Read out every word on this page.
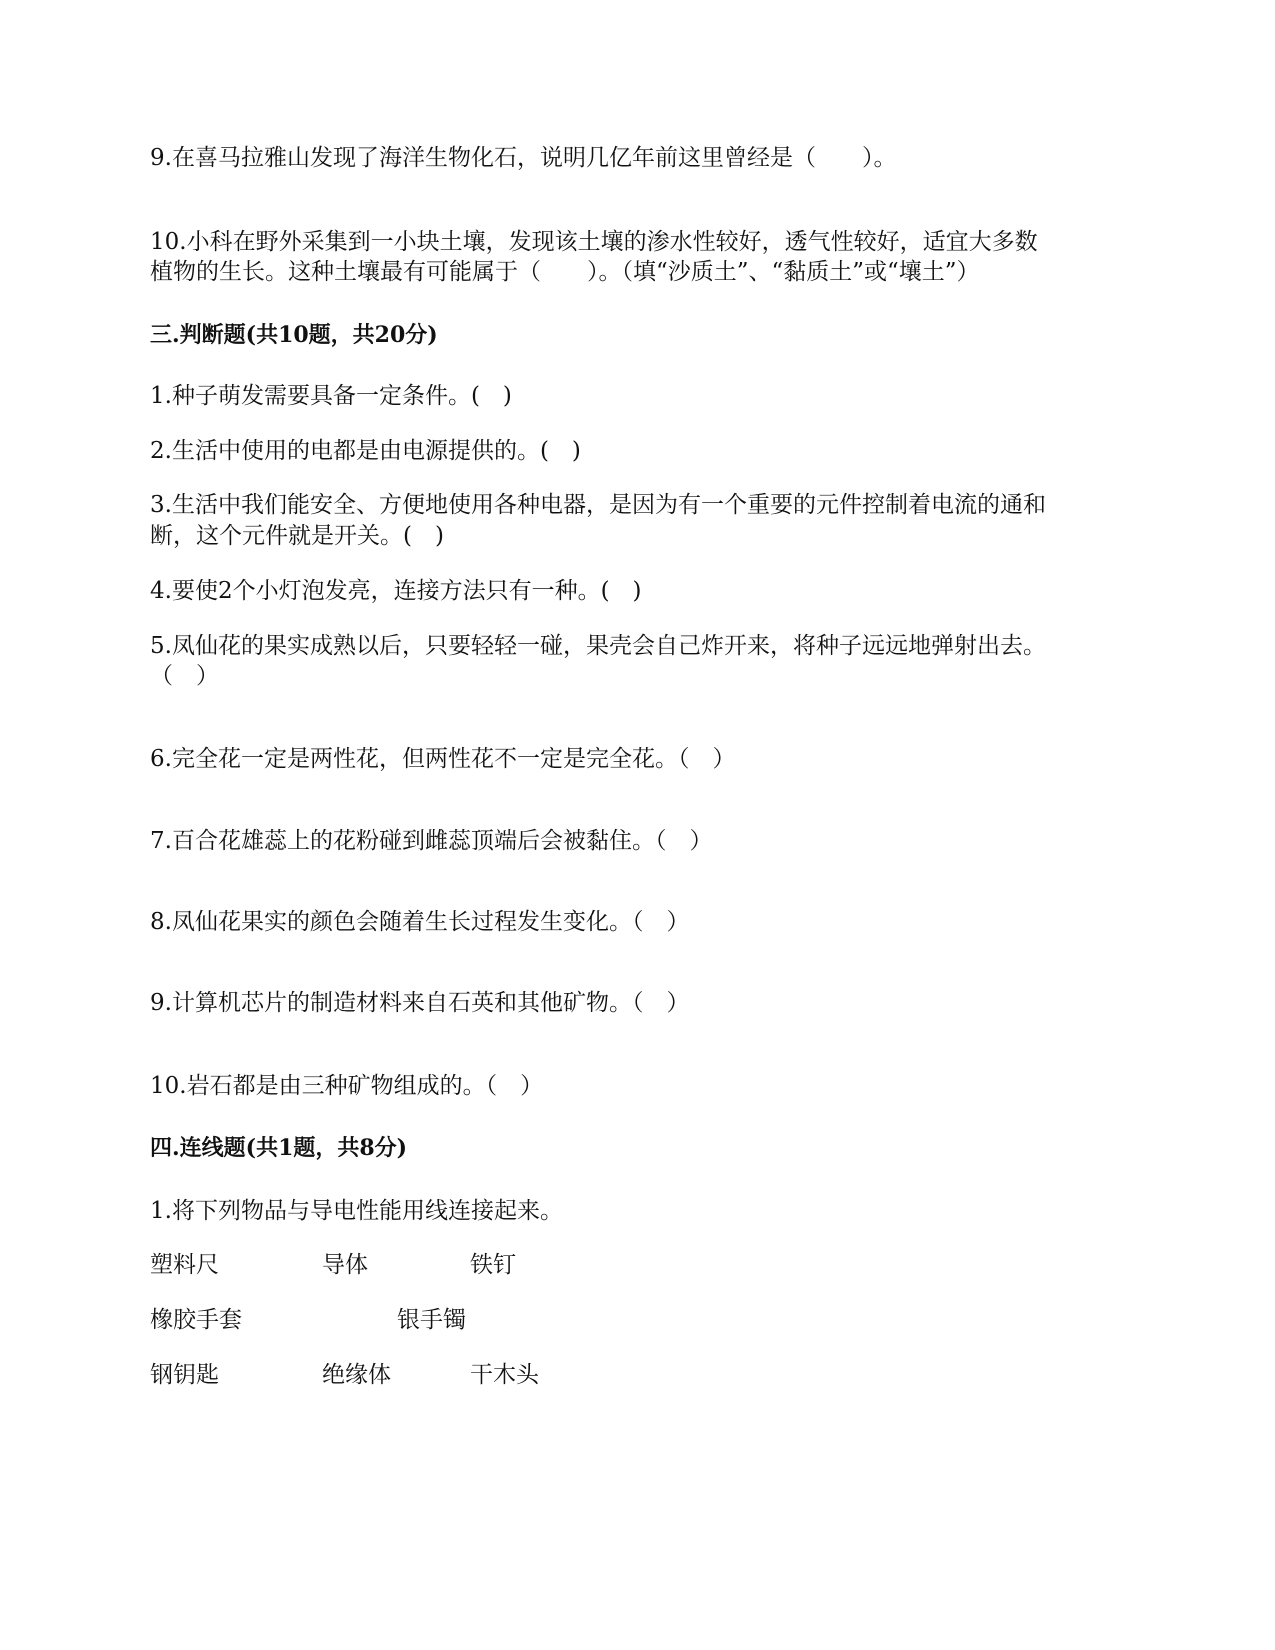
9.在喜马拉雅山发现了海洋生物化石，说明几亿年前这里曾经是（　　）。
10.小科在野外采集到一小块土壤，发现该土壤的渗水性较好，透气性较好，适宜大多数
植物的生长。这种土壤最有可能属于（　　）。（填“沙质土”、“黏质土”或“壤土”）
三.判断题(共10题，共20分)
1.种子萌发需要具备一定条件。(　)
2.生活中使用的电都是由电源提供的。(　)
3.生活中我们能安全、方便地使用各种电器，是因为有一个重要的元件控制着电流的通和
断，这个元件就是开关。(　)
4.要使2个小灯泡发亮，连接方法只有一种。(　)
5.凤仙花的果实成熟以后，只要轻轻一碰，果壳会自己炸开来，将种子远远地弹射出去。
（　）
6.完全花一定是两性花，但两性花不一定是完全花。（　）
7.百合花雄蕊上的花粉碰到雌蕊顶端后会被黏住。（　）
8.凤仙花果实的颜色会随着生长过程发生变化。（　）
9.计算机芯片的制造材料来自石英和其他矿物。（　）
10.岩石都是由三种矿物组成的。（　）
四.连线题(共1题，共8分)
1.将下列物品与导电性能用线连接起来。
塑料尺	导体	铁钉
橡胶手套	银手镯
钢钥匙	绝缘体	干木头
